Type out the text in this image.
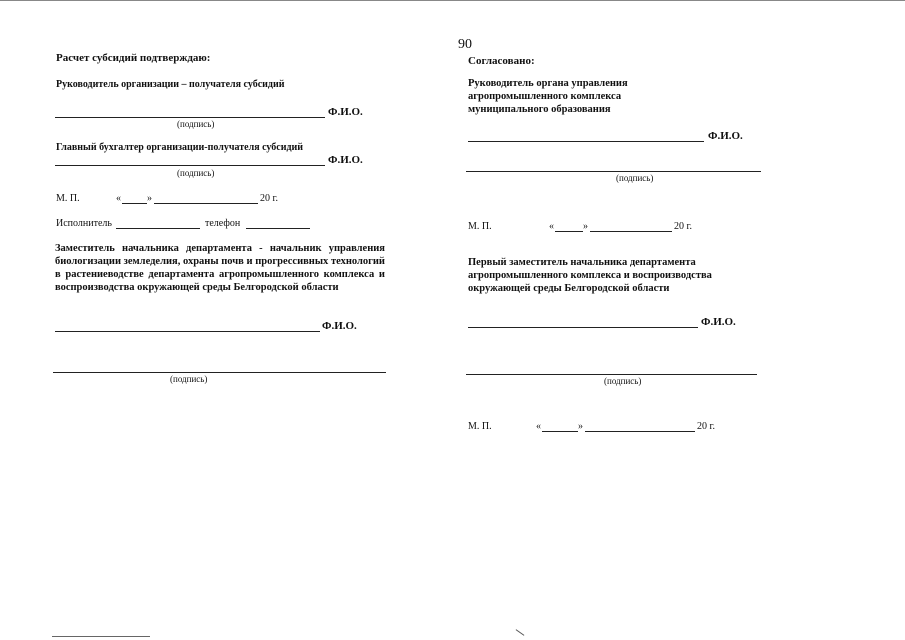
90
Расчет субсидий подтверждаю:
Руководитель организации – получателя субсидий
Ф.И.О.
(подпись)
Главный бухгалтер организации-получателя субсидий
Ф.И.О.
(подпись)
М. П.	«	»	20 г.
Исполнитель	телефон
Заместитель начальника департамента - начальник управления биологизации земледелия, охраны почв и прогрессивных технологий в растениеводстве департамента агропромышленного комплекса и воспроизводства окружающей среды Белгородской области
Ф.И.О.
(подпись)
Согласовано:
Руководитель органа управления агропромышленного комплекса муниципального образования
Ф.И.О.
(подпись)
М. П.	«	»	20 г.
Первый заместитель начальника департамента агропромышленного комплекса и воспроизводства окружающей среды Белгородской области
Ф.И.О.
(подпись)
М. П.	«	»	20 г.
